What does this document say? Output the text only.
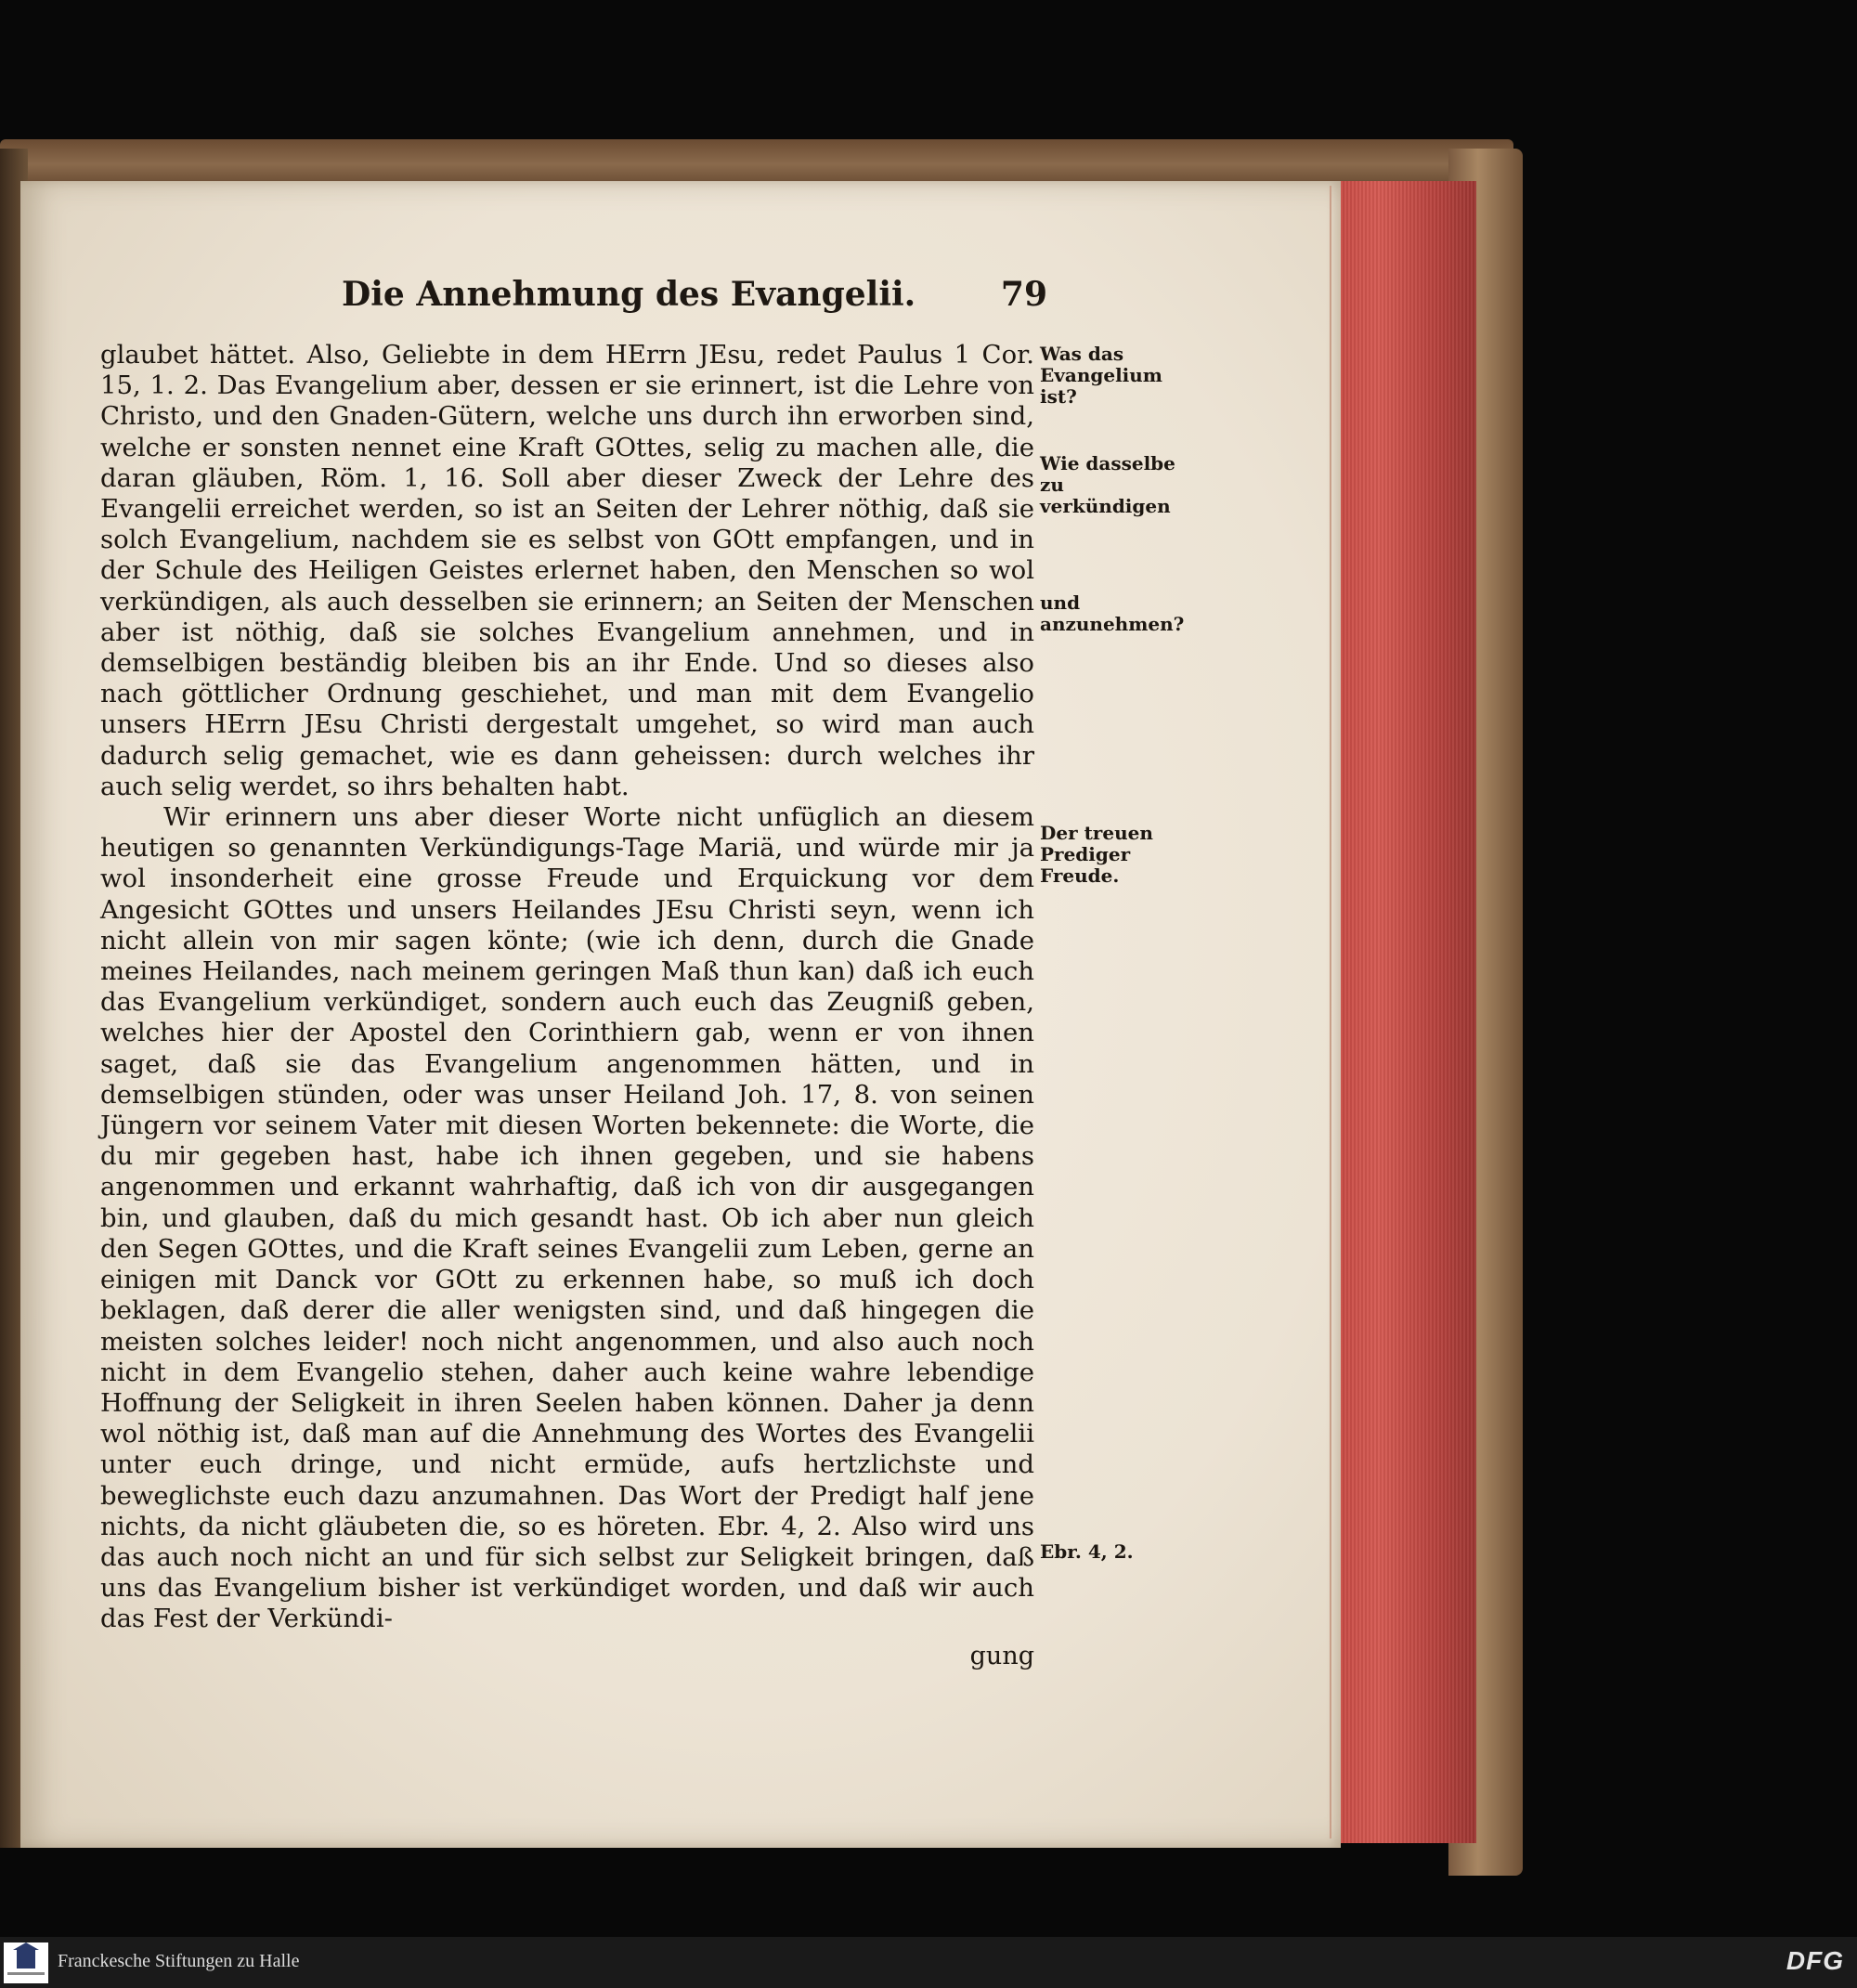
Die Annehmung des Evangelii.	79

glaubet hättet. Also, Geliebte in dem HErrn JEsu, redet Paulus 1 Cor. 15, 1. 2. Das Evangelium aber, dessen er sie erinnert, ist die Lehre von Christo, und den Gnaden-Gütern, welche uns durch ihn erworben sind, welche er sonsten nennet eine Kraft GOttes, selig zu machen alle, die daran gläuben, Röm. 1, 16. Soll aber dieser Zweck der Lehre des Evangelii erreichet werden, so ist an Seiten der Lehrer nöthig, daß sie solch Evangelium, nachdem sie es selbst von GOtt empfangen, und in der Schule des Heiligen Geistes erlernet haben, den Menschen so wol verkündigen, als auch desselben sie erinnern; an Seiten der Menschen aber ist nöthig, daß sie solches Evangelium annehmen, und in demselbigen beständig bleiben bis an ihr Ende. Und so dieses also nach göttlicher Ordnung geschiehet, und man mit dem Evangelio unsers HErrn JEsu Christi dergestalt umgehet, so wird man auch dadurch selig gemachet, wie es dann geheissen: durch welches ihr auch selig werdet, so ihrs behalten habt.

Wir erinnern uns aber dieser Worte nicht unfüglich an diesem heutigen so genannten Verkündigungs-Tage Mariä, und würde mir ja wol insonderheit eine grosse Freude und Erquickung vor dem Angesicht GOttes und unsers Heilandes JEsu Christi seyn, wenn ich nicht allein von mir sagen könte; (wie ich denn, durch die Gnade meines Heilandes, nach meinem geringen Maß thun kan) daß ich euch das Evangelium verkündiget, sondern auch euch das Zeugniß geben, welches hier der Apostel den Corinthiern gab, wenn er von ihnen saget, daß sie das Evangelium angenommen hätten, und in demselbigen stünden, oder was unser Heiland Joh. 17, 8. von seinen Jüngern vor seinem Vater mit diesen Worten bekennete: die Worte, die du mir gegeben hast, habe ich ihnen gegeben, und sie habens angenommen und erkannt wahrhaftig, daß ich von dir ausgegangen bin, und glauben, daß du mich gesandt hast. Ob ich aber nun gleich den Segen GOttes, und die Kraft seines Evangelii zum Leben, gerne an einigen mit Danck vor GOtt zu erkennen habe, so muß ich doch beklagen, daß derer die aller wenigsten sind, und daß hingegen die meisten solches leider! noch nicht angenommen, und also auch noch nicht in dem Evangelio stehen, daher auch keine wahre lebendige Hoffnung der Seligkeit in ihren Seelen haben können. Daher ja denn wol nöthig ist, daß man auf die Annehmung des Wortes des Evangelii unter euch dringe, und nicht ermüde, aufs hertzlichste und beweglichste euch dazu anzumahnen. Das Wort der Predigt half jene nichts, da nicht gläubeten die, so es höreten. Ebr. 4, 2. Also wird uns das auch noch nicht an und für sich selbst zur Seligkeit bringen, daß uns das Evangelium bisher ist verkündiget worden, und daß wir auch das Fest der Verkündi-

gung
Was das Evangelium ist?
Wie dasselbe zu verkündigen
und anzunehmen?
Der treuen Prediger Freude.
Ebr. 4, 2.
Franckesche Stiftungen zu Halle	DFG
